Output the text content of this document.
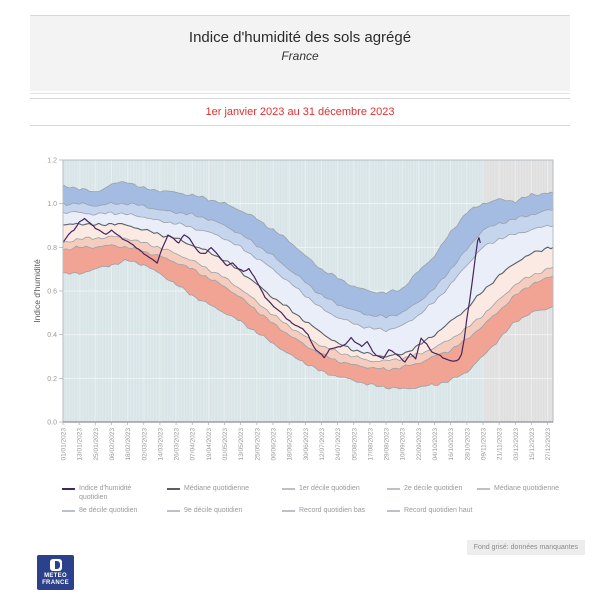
Indice d'humidité des sols agrégé
France
1er janvier 2023 au 31 décembre 2023
0.0
0.2
0.4
0.6
0.8
1.0
1.2
01/01/2023 13/01/2023 25/01/2023 06/02/2023 18/02/2023 02/03/2023 14/03/2023 26/03/2023 07/04/2023 19/04/2023 01/05/2023 13/05/2023 25/05/2023 06/06/2023 18/06/2023 30/06/2023 12/07/2023 24/07/2023 05/08/2023 17/08/2023 29/08/2023 10/09/2023 22/09/2023 04/10/2023 16/10/2023 28/10/2023 09/11/2023 21/11/2023 03/12/2023 15/12/2023 27/12/2023
Indice d'humidité
Indice d'humidité quotidien
Médiane quotidienne	1er décile quotidien	2e décile quotidien	Médiane quotidienne
8e décile quotidien	9e décile quotidien	Record quotidien bas	Record quotidien haut
Fond grisé: données manquantes
METEO
FRANCE
